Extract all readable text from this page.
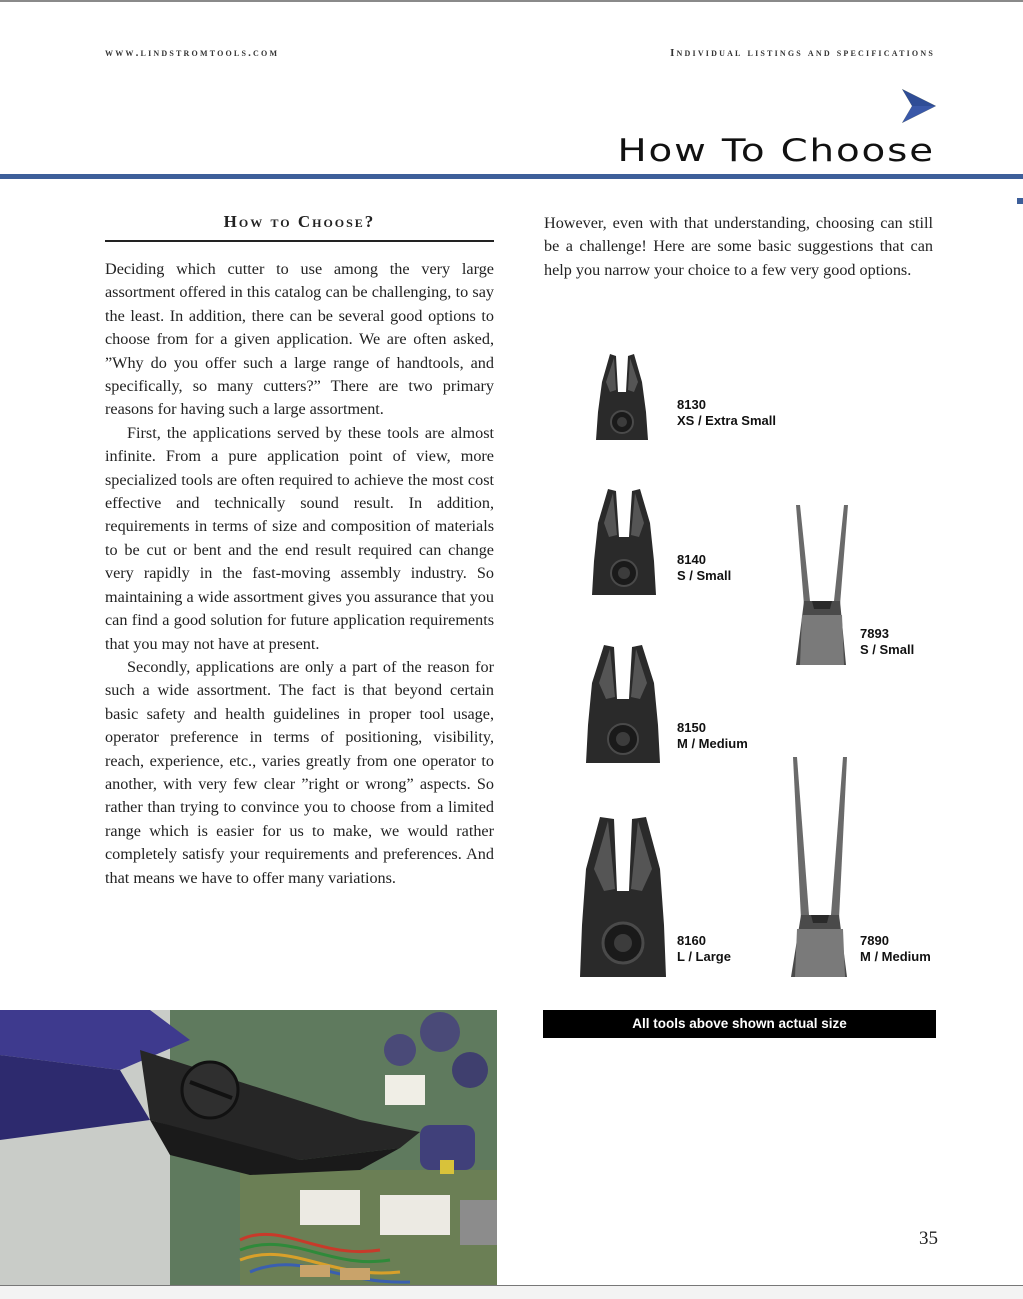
www.lindstromtools.com	Individual listings and specifications
How To Choose
How to Choose?

Deciding which cutter to use among the very large assortment offered in this catalog can be challenging, to say the least. In addition, there can be several good options to choose from for a given application. We are often asked, ”Why do you offer such a large range of handtools, and specifically, so many cutters?” There are two primary reasons for having such a large assortment.

First, the applications served by these tools are almost infinite. From a pure application point of view, more specialized tools are often required to achieve the most cost effective and technically sound result. In addition, requirements in terms of size and composition of materials to be cut or bent and the end result required can change very rapidly in the fast-moving assembly industry. So maintaining a wide assortment gives you assurance that you can find a good solution for future application requirements that you may not have at present.

Secondly, applications are only a part of the reason for such a wide assortment. The fact is that beyond certain basic safety and health guidelines in proper tool usage, operator preference in terms of positioning, visibility, reach, experience, etc., varies greatly from one operator to another, with very few clear ”right or wrong” aspects. So rather than trying to convince you to choose from a limited range which is easier for us to make, we would rather completely satisfy your requirements and preferences. And that means we have to offer many variations.

However, even with that understanding, choosing can still be a challenge! Here are some basic suggestions that can help you narrow your choice to a few very good options.
8130
XS / Extra Small
8140
S / Small
7893
S / Small
8150
M / Medium
8160
L / Large
7890
M / Medium
All tools above shown actual size
35
